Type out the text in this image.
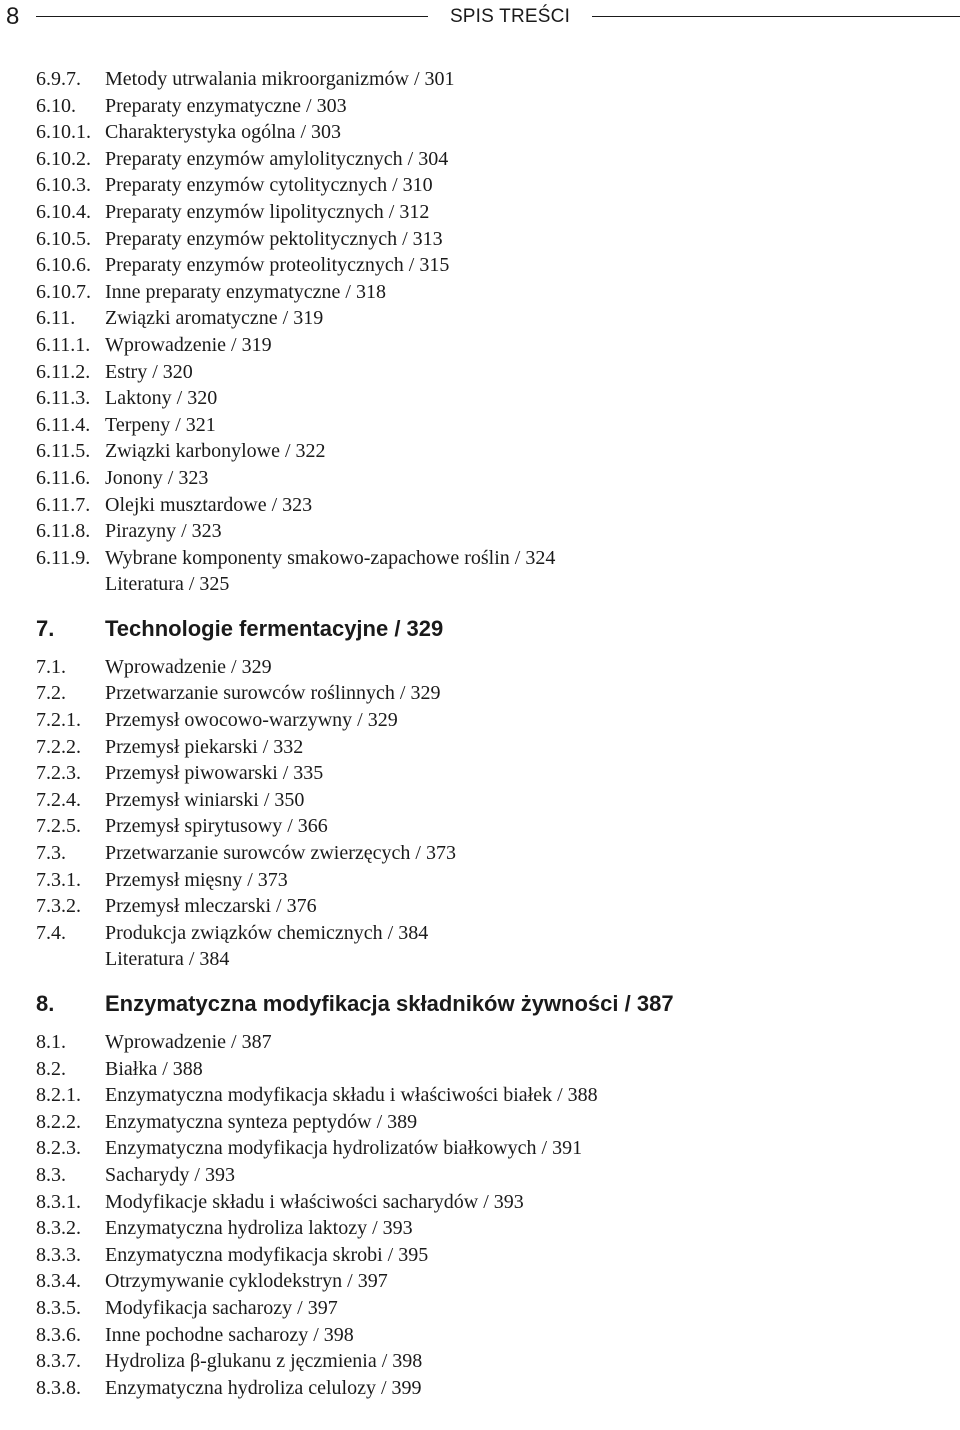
8	SPIS TREŚCI
6.9.7. Metody utrwalania mikroorganizmów / 301
6.10. Preparaty enzymatyczne / 303
6.10.1. Charakterystyka ogólna / 303
6.10.2. Preparaty enzymów amylolitycznych / 304
6.10.3. Preparaty enzymów cytolitycznych / 310
6.10.4. Preparaty enzymów lipolitycznych / 312
6.10.5. Preparaty enzymów pektolitycznych / 313
6.10.6. Preparaty enzymów proteolitycznych / 315
6.10.7. Inne preparaty enzymatyczne / 318
6.11. Związki aromatyczne / 319
6.11.1. Wprowadzenie / 319
6.11.2. Estry / 320
6.11.3. Laktony / 320
6.11.4. Terpeny / 321
6.11.5. Związki karbonylowe / 322
6.11.6. Jonony / 323
6.11.7. Olejki musztardowe / 323
6.11.8. Pirazyny / 323
6.11.9. Wybrane komponenty smakowo-zapachowe roślin / 324
Literatura / 325
7. Technologie fermentacyjne / 329
7.1. Wprowadzenie / 329
7.2. Przetwarzanie surowców roślinnych / 329
7.2.1. Przemysł owocowo-warzywny / 329
7.2.2. Przemysł piekarski / 332
7.2.3. Przemysł piwowarski / 335
7.2.4. Przemysł winiarski / 350
7.2.5. Przemysł spirytusowy / 366
7.3. Przetwarzanie surowców zwierzęcych / 373
7.3.1. Przemysł mięsny / 373
7.3.2. Przemysł mleczarski / 376
7.4. Produkcja związków chemicznych / 384
Literatura / 384
8. Enzymatyczna modyfikacja składników żywności / 387
8.1. Wprowadzenie / 387
8.2. Białka / 388
8.2.1. Enzymatyczna modyfikacja składu i właściwości białek / 388
8.2.2. Enzymatyczna synteza peptydów / 389
8.2.3. Enzymatyczna modyfikacja hydrolizatów białkowych / 391
8.3. Sacharydy / 393
8.3.1. Modyfikacje składu i właściwości sacharydów / 393
8.3.2. Enzymatyczna hydroliza laktozy / 393
8.3.3. Enzymatyczna modyfikacja skrobi / 395
8.3.4. Otrzymywanie cyklodekstryn / 397
8.3.5. Modyfikacja sacharozy / 397
8.3.6. Inne pochodne sacharozy / 398
8.3.7. Hydroliza β-glukanu z jęczmienia / 398
8.3.8. Enzymatyczna hydroliza celulozy / 399
